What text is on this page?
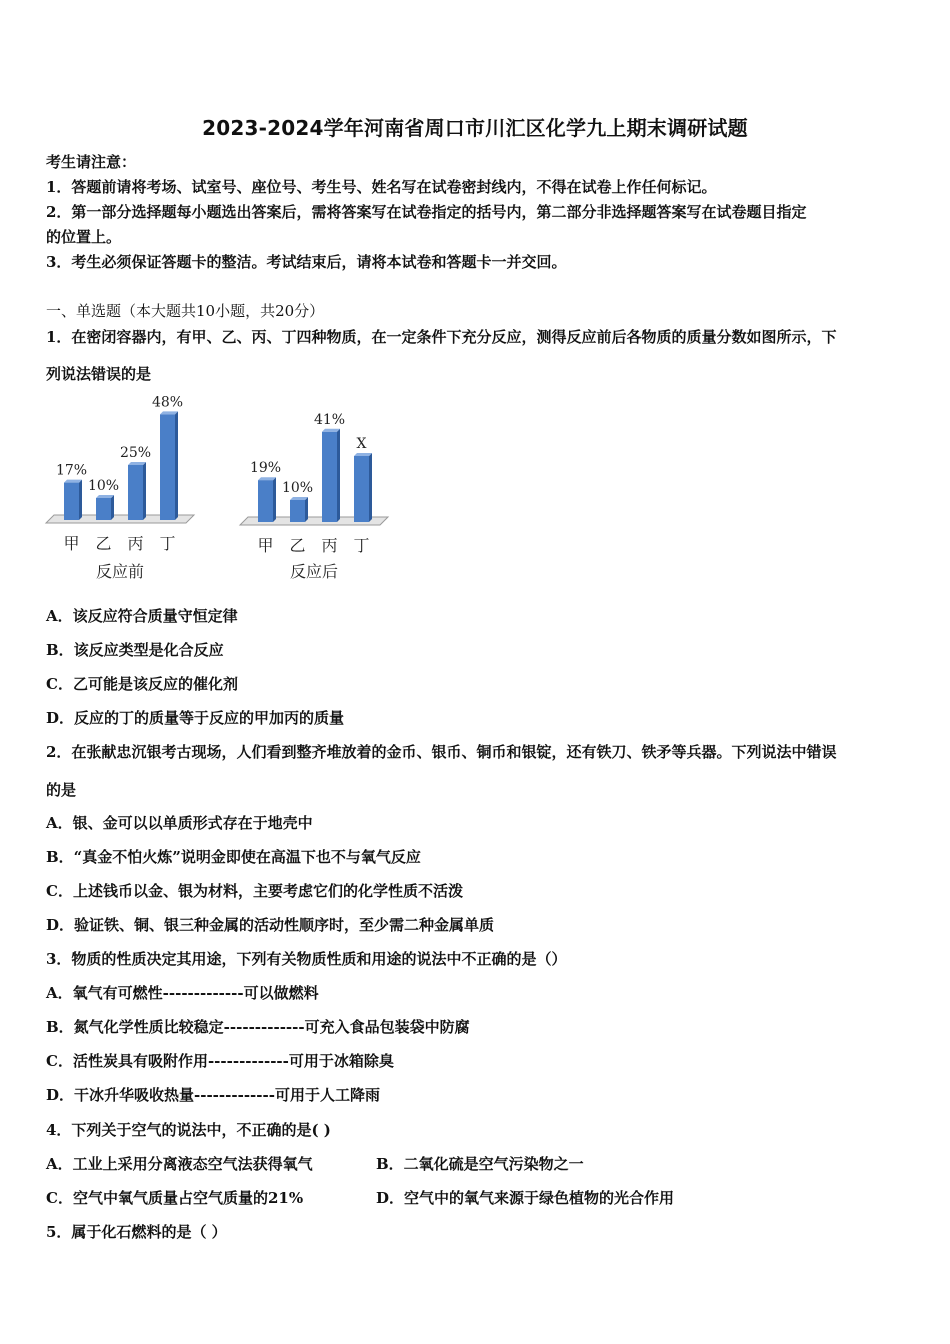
2023-2024学年河南省周口市川汇区化学九上期末调研试题
考生请注意：
1．答题前请将考场、试室号、座位号、考生号、姓名写在试卷密封线内，不得在试卷上作任何标记。
2．第一部分选择题每小题选出答案后，需将答案写在试卷指定的括号内，第二部分非选择题答案写在试卷题目指定
的位置上。
3．考生必须保证答题卡的整洁。考试结束后，请将本试卷和答题卡一并交回。
一、单选题（本大题共10小题，共20分）
1．在密闭容器内，有甲、乙、丙、丁四种物质，在一定条件下充分反应，测得反应前后各物质的质量分数如图所示，下
列说法错误的是
17%
甲
10%
乙
25%
丙
48%
丁
反应前
19%
甲
10%
乙
41%
丙
X
丁
反应后
A．该反应符合质量守恒定律
B．该反应类型是化合反应
C．乙可能是该反应的催化剂
D．反应的丁的质量等于反应的甲加丙的质量
2．在张献忠沉银考古现场，人们看到整齐堆放着的金币、银币、铜币和银锭，还有铁刀、铁矛等兵器。下列说法中错误
的是
A．银、金可以以单质形式存在于地壳中
B．“真金不怕火炼”说明金即使在高温下也不与氧气反应
C．上述钱币以金、银为材料，主要考虑它们的化学性质不活泼
D．验证铁、铜、银三种金属的活动性顺序时，至少需二种金属单质
3．物质的性质决定其用途，下列有关物质性质和用途的说法中不正确的是（）
A．氧气有可燃性-------------可以做燃料
B．氮气化学性质比较稳定-------------可充入食品包装袋中防腐
C．活性炭具有吸附作用-------------可用于冰箱除臭
D．干冰升华吸收热量-------------可用于人工降雨
4．下列关于空气的说法中，不正确的是( )
A．工业上采用分离液态空气法获得氧气	B．二氧化硫是空气污染物之一
C．空气中氧气质量占空气质量的21%	D．空气中的氧气来源于绿色植物的光合作用
5．属于化石燃料的是（ ）
